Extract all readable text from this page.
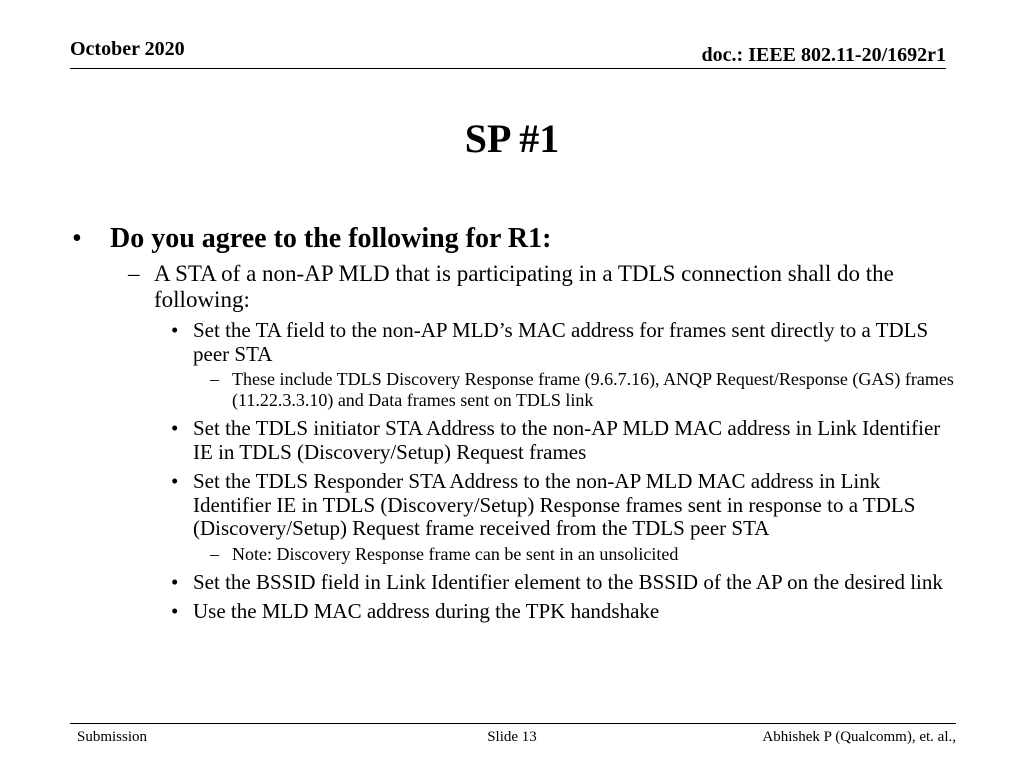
October 2020	doc.: IEEE 802.11-20/1692r1
SP #1
• Do you agree to the following for R1:
– A STA of a non-AP MLD that is participating in a TDLS connection shall do the following:
• Set the TA field to the non-AP MLD’s MAC address for frames sent directly to a TDLS peer STA
– These include TDLS Discovery Response frame (9.6.7.16), ANQP Request/Response (GAS) frames (11.22.3.3.10) and Data frames sent on TDLS link
• Set the TDLS initiator STA Address to the non-AP MLD MAC address in Link Identifier IE in TDLS (Discovery/Setup) Request frames
• Set the TDLS Responder STA Address to the non-AP MLD MAC address in Link Identifier IE in TDLS (Discovery/Setup) Response frames sent in response to a TDLS (Discovery/Setup) Request frame received from the TDLS peer STA
– Note: Discovery Response frame can be sent in an unsolicited
• Set the BSSID field in Link Identifier element to the BSSID of the AP on the desired link
• Use the MLD MAC address during the TPK handshake
Submission	Slide 13	Abhishek P (Qualcomm), et. al.,
